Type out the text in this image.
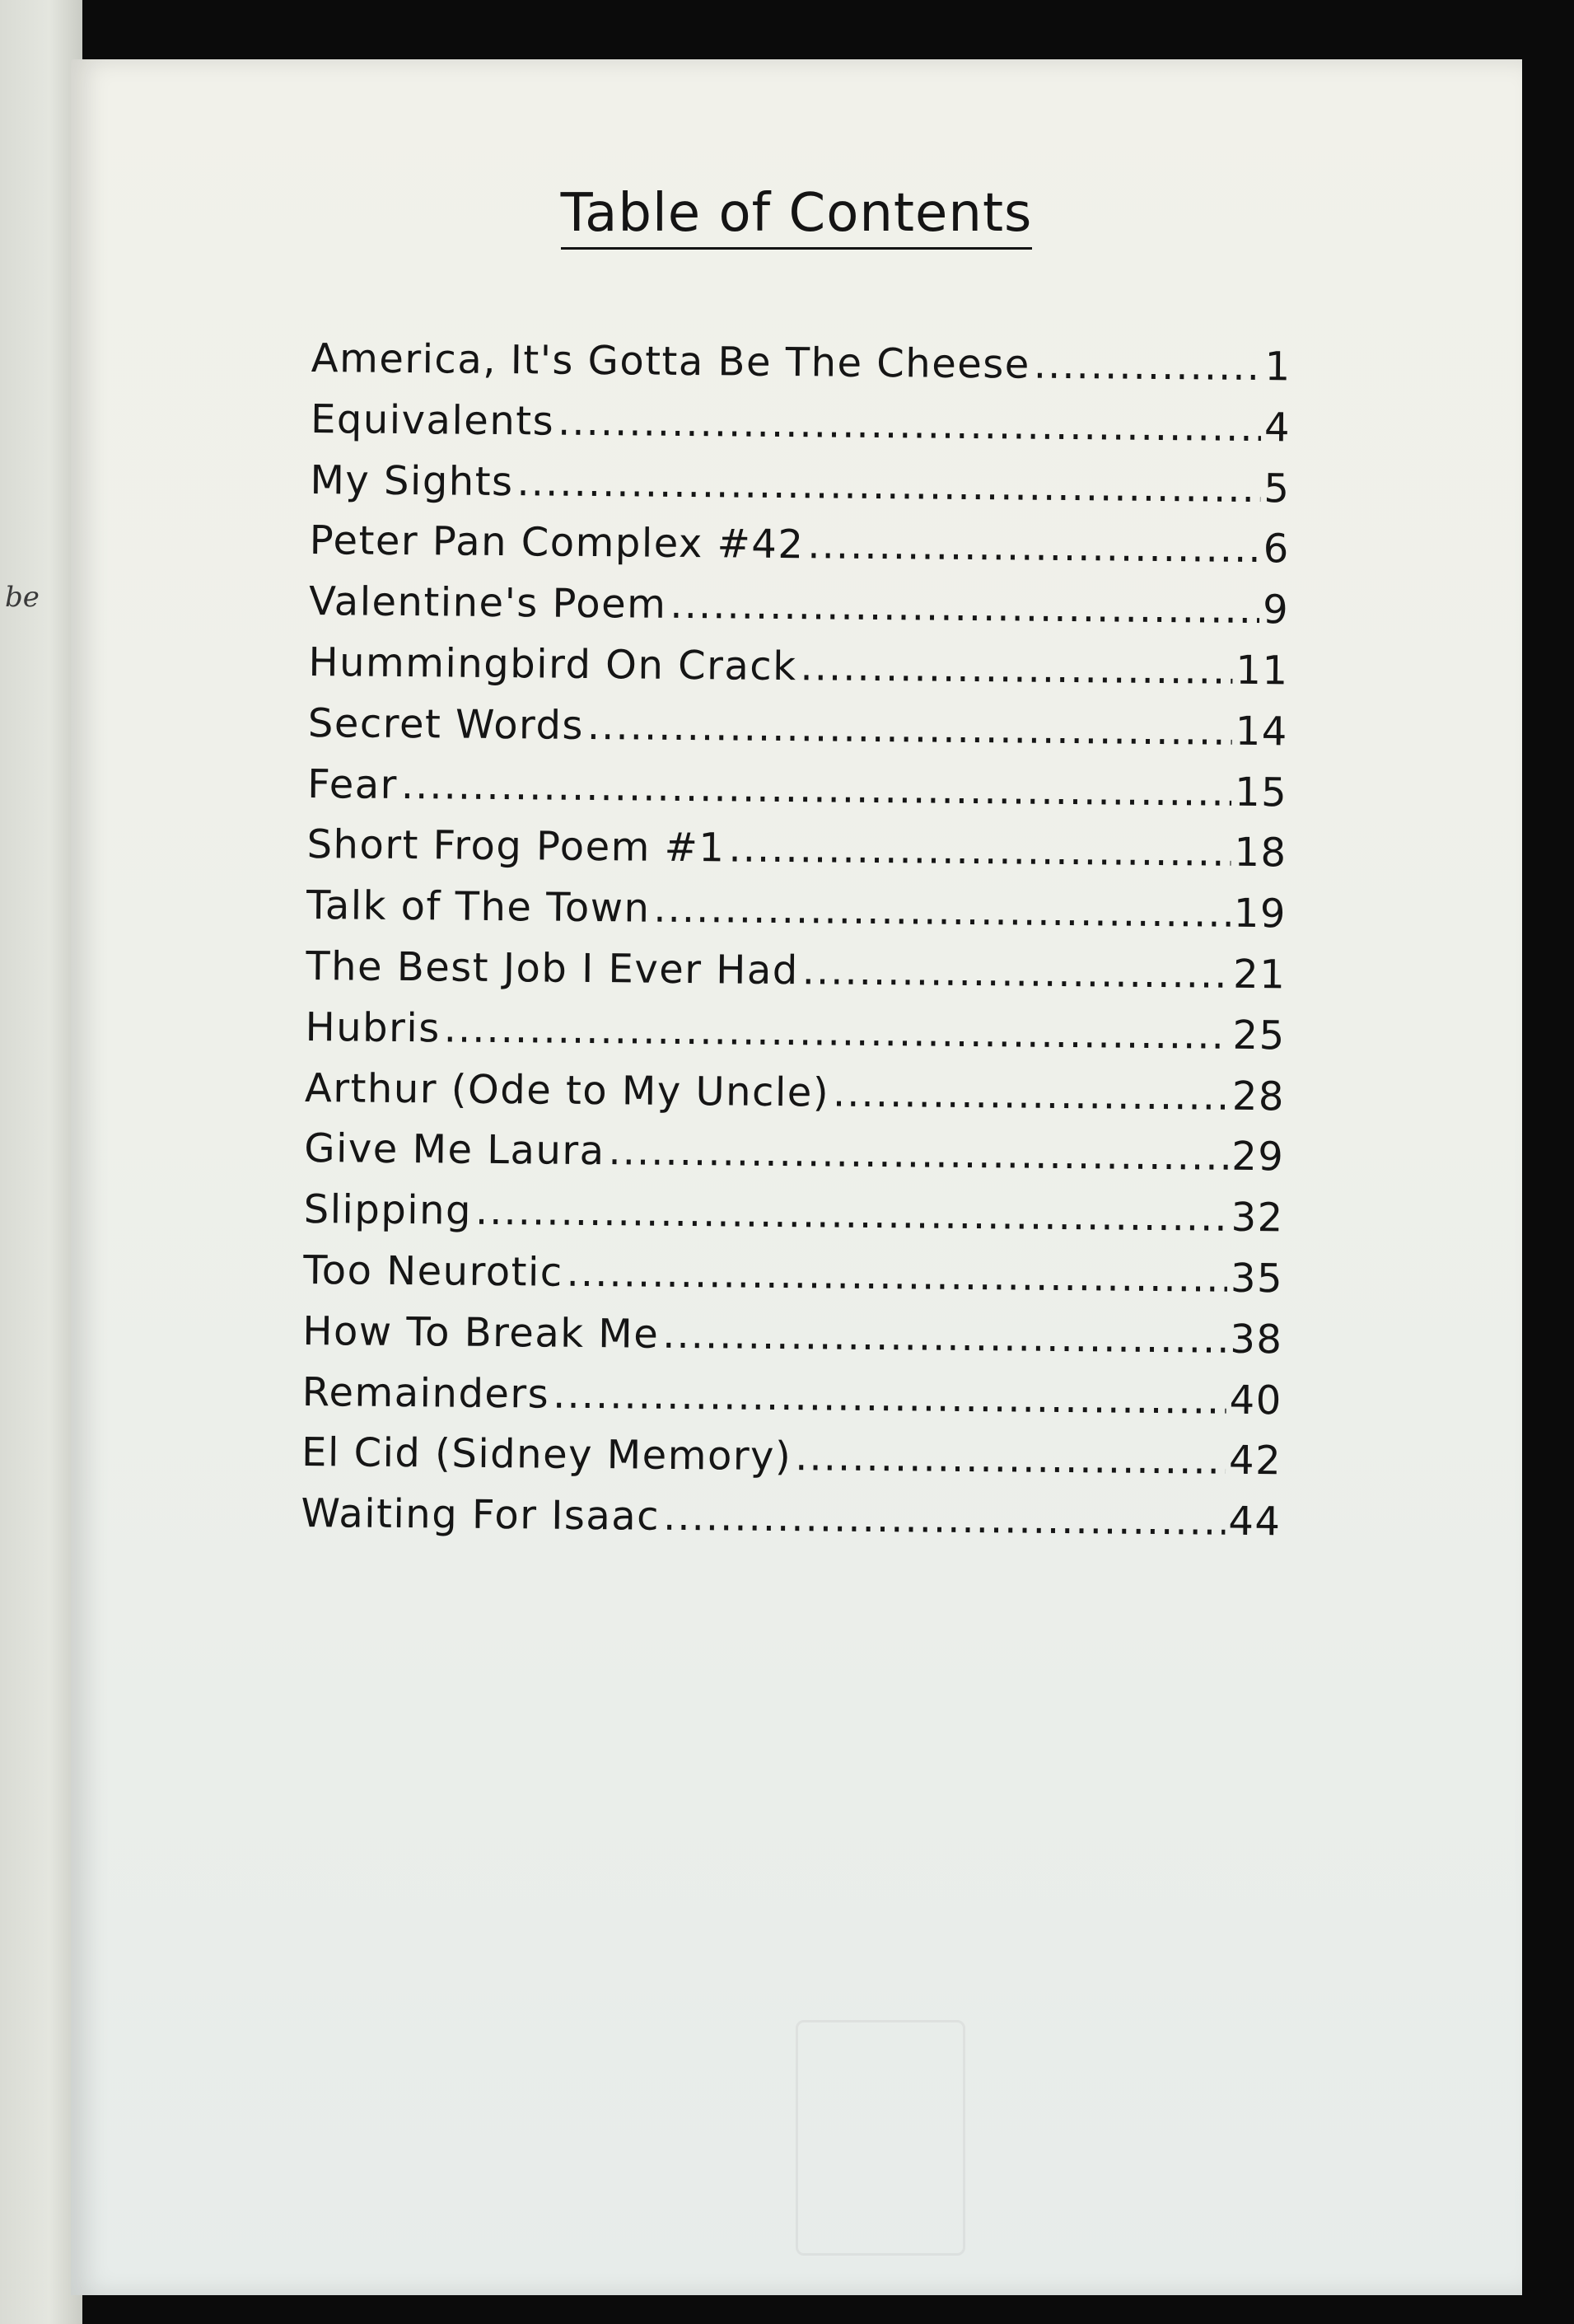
be
Table of Contents
America, It's Gotta Be The Cheese .....	1
Equivalents .....	4
My Sights .....	5
Peter Pan Complex #42 .....	6
Valentine's Poem .....	9
Hummingbird On Crack .....	11
Secret Words .....	14
Fear .....	15
Short Frog Poem #1 .....	18
Talk of The Town .....	19
The Best Job I Ever Had .....	21
Hubris .....	25
Arthur (Ode to My Uncle) .....	28
Give Me Laura .....	29
Slipping .....	32
Too Neurotic .....	35
How To Break Me .....	38
Remainders .....	40
El Cid (Sidney Memory) .....	42
Waiting For Isaac .....	44
